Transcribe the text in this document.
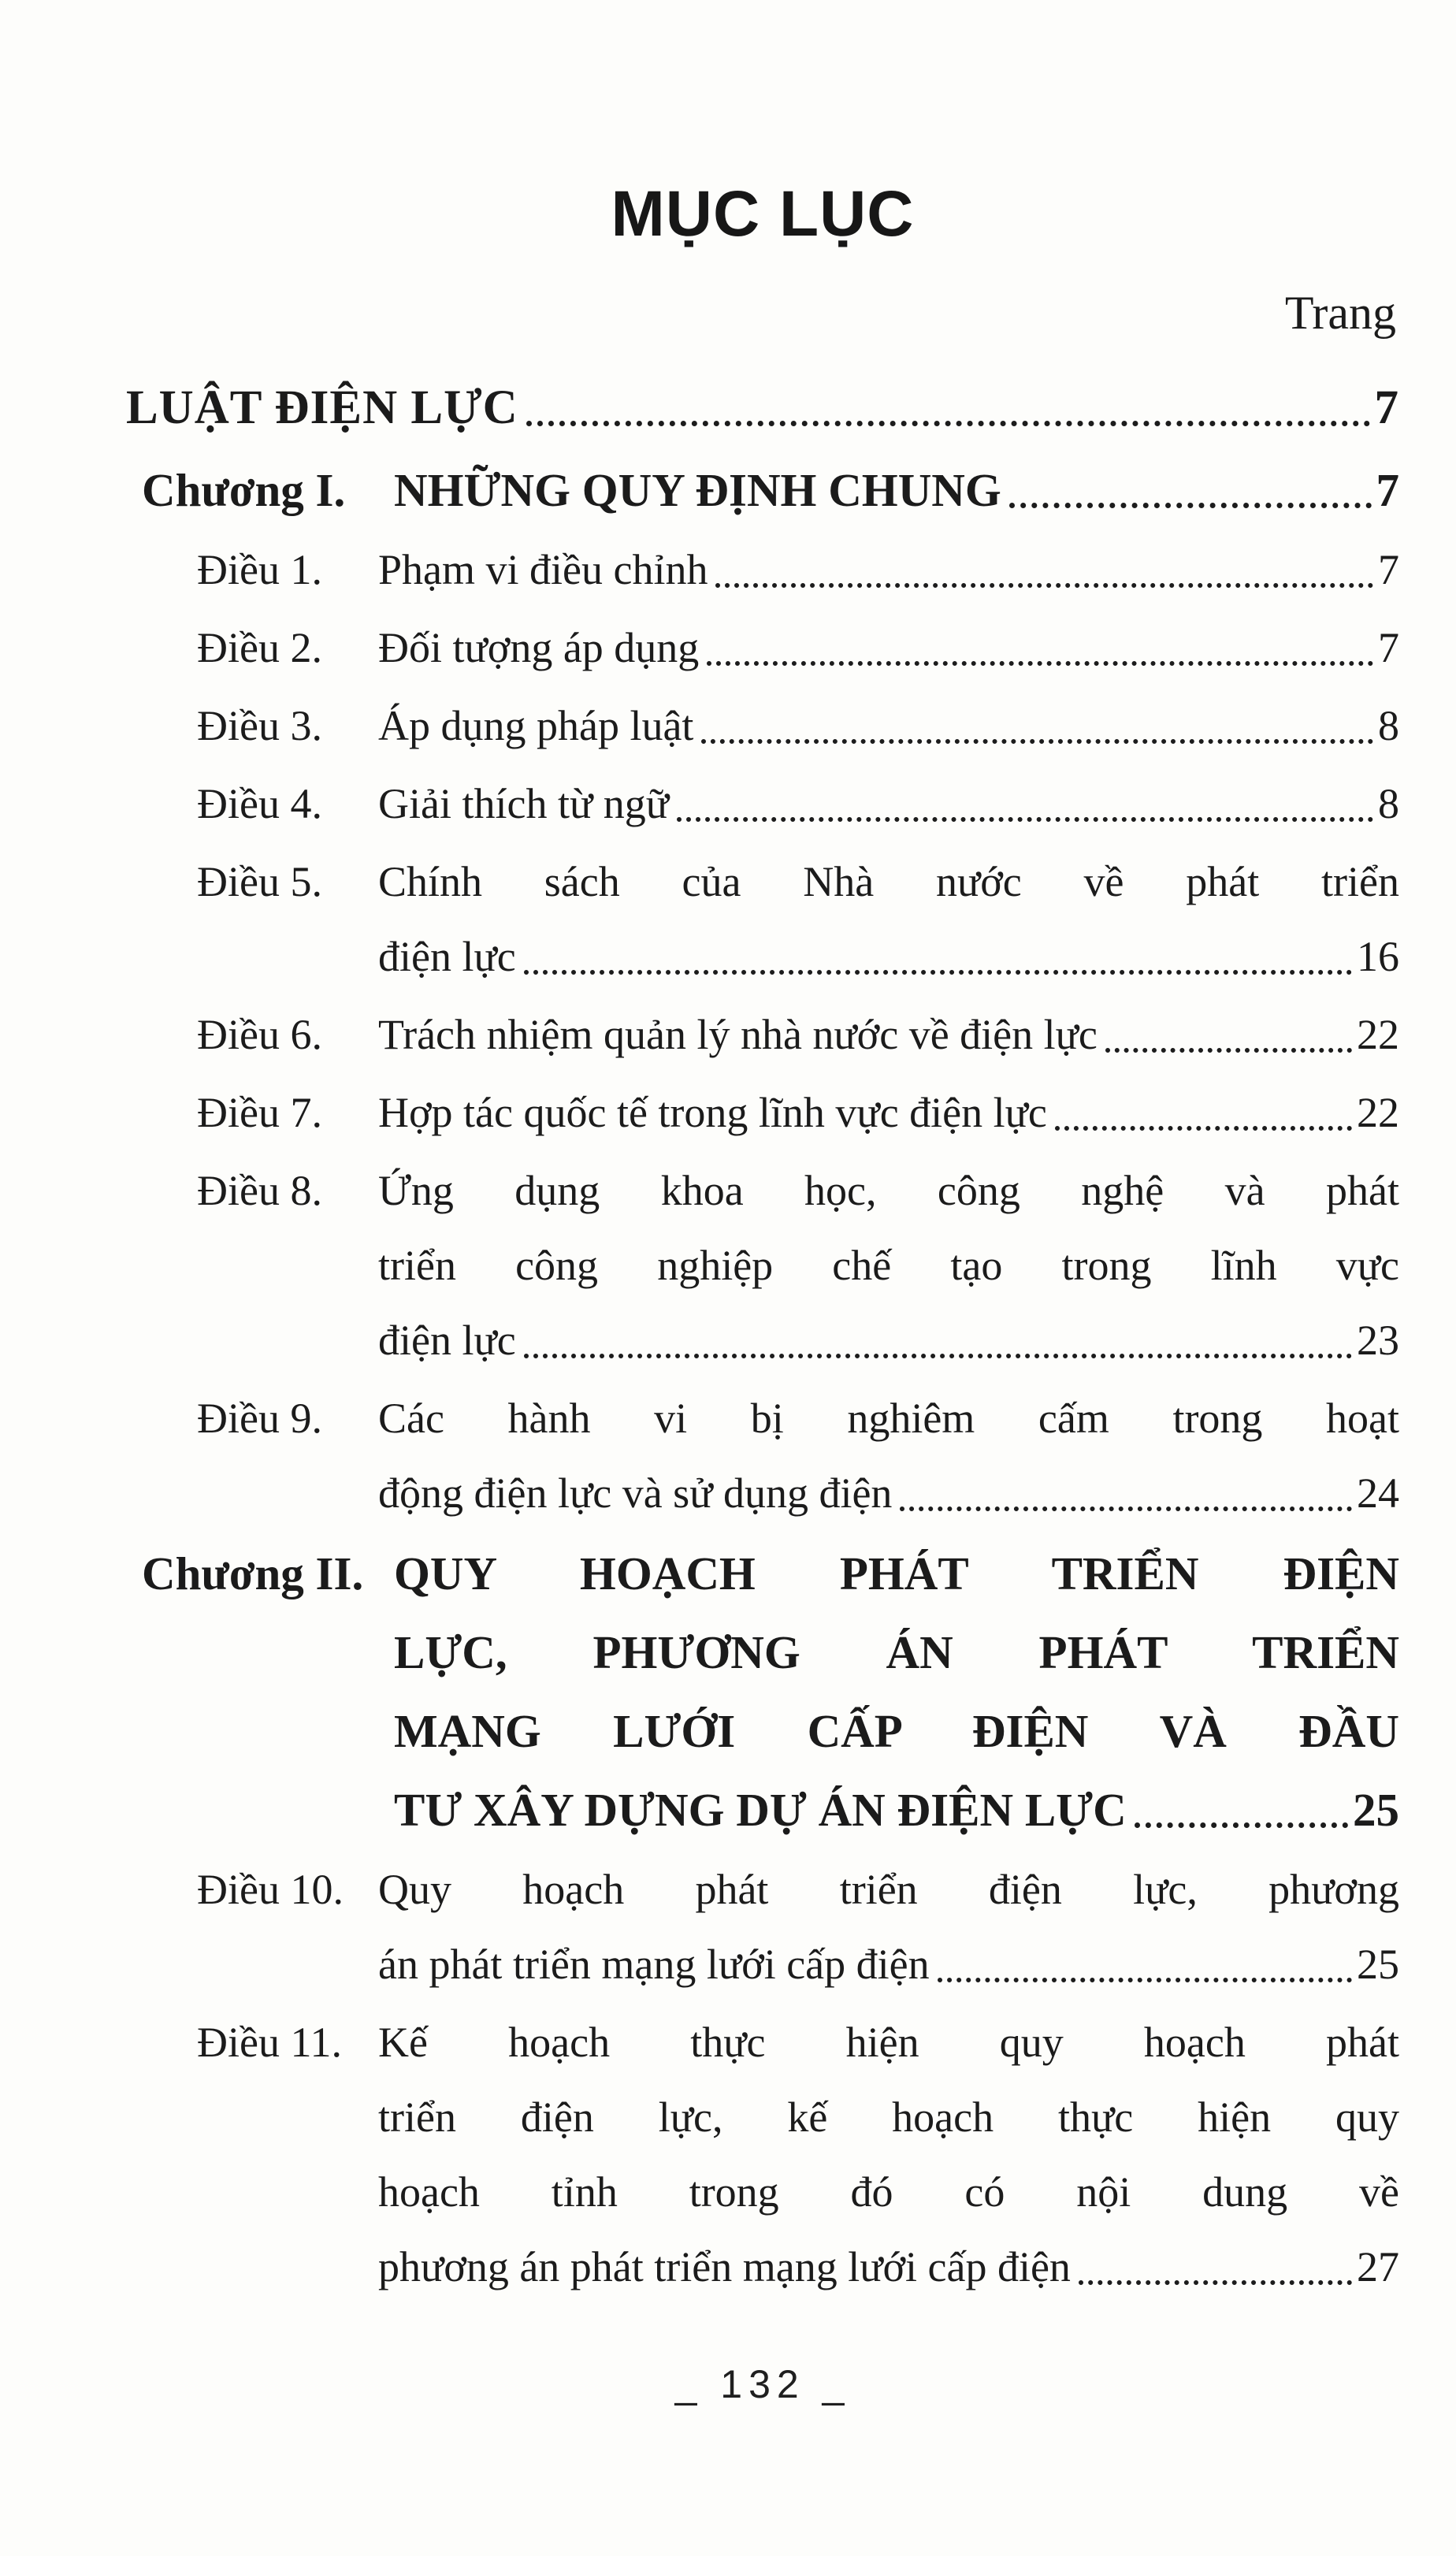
MỤC LỤC
Trang
LUẬT ĐIỆN LỰC	7
Chương I.	NHỮNG QUY ĐỊNH CHUNG	7
Điều 1.	Phạm vi điều chỉnh	7
Điều 2.	Đối tượng áp dụng	7
Điều 3.	Áp dụng pháp luật	8
Điều 4.	Giải thích từ ngữ	8
Điều 5.	Chính sách của Nhà nước về phát triển
điện lực	16
Điều 6.	Trách nhiệm quản lý nhà nước về điện lực	22
Điều 7.	Hợp tác quốc tế trong lĩnh vực điện lực	22
Điều 8.	Ứng dụng khoa học, công nghệ và phát
triển công nghiệp chế tạo trong lĩnh vực
điện lực	23
Điều 9.	Các hành vi bị nghiêm cấm trong hoạt
động điện lực và sử dụng điện	24
Chương II. QUY HOẠCH PHÁT TRIỂN ĐIỆN
LỰC, PHƯƠNG ÁN PHÁT TRIỂN
MẠNG LƯỚI CẤP ĐIỆN VÀ ĐẦU
TƯ XÂY DỰNG DỰ ÁN ĐIỆN LỰC	25
Điều 10. Quy hoạch phát triển điện lực, phương
án phát triển mạng lưới cấp điện	25
Điều 11. Kế hoạch thực hiện quy hoạch phát
triển điện lực, kế hoạch thực hiện quy
hoạch tỉnh trong đó có nội dung về
phương án phát triển mạng lưới cấp điện	27
_ 132 _
